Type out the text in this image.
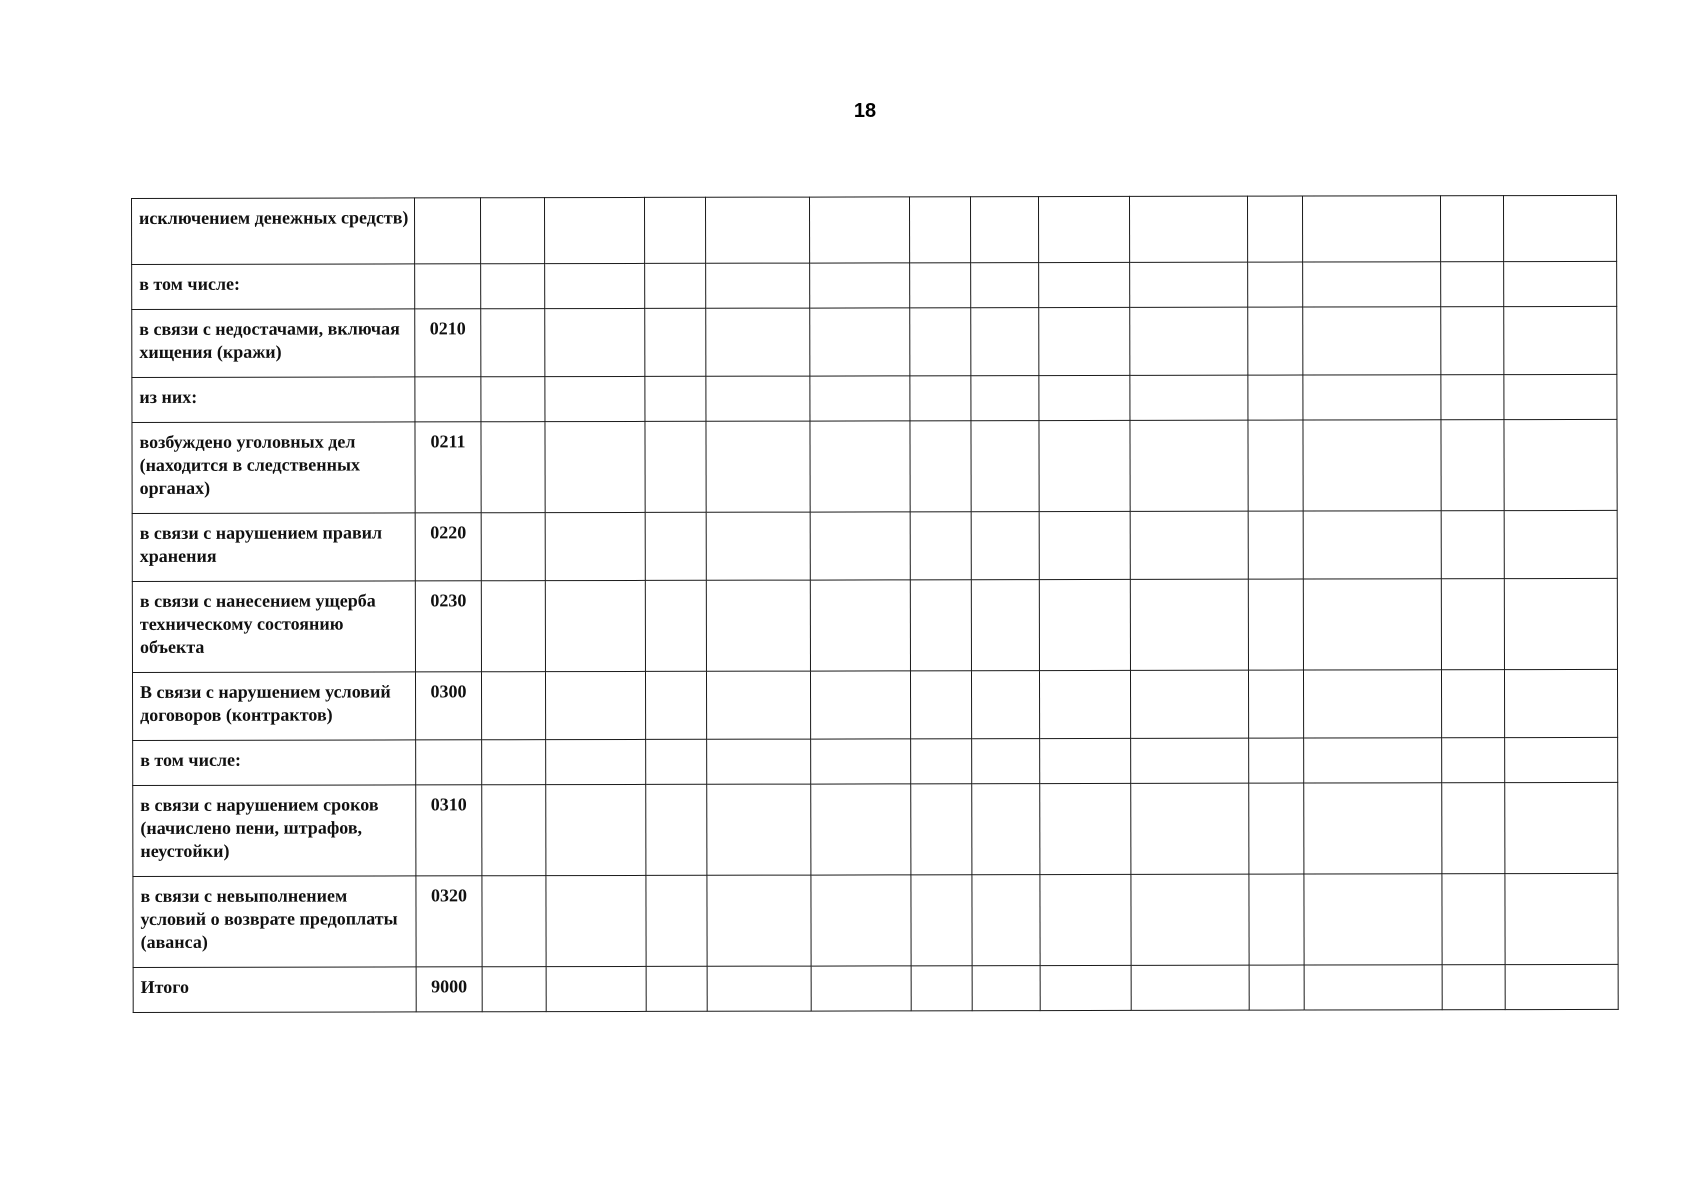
18
исключением денежных средств)														

в том числе:														

в связи с недостачами, включая хищения (кражи)	0210													

из них:														

возбуждено уголовных дел (находится в следственных органах)	0211													

в связи с нарушением правил хранения	0220													

в связи с нанесением ущерба техническому состоянию объекта	0230													

В связи с нарушением условий договоров (контрактов)	0300													

в том числе:														

в связи с нарушением сроков (начислено пени, штрафов, неустойки)	0310													

в связи с невыполнением условий о возврате предоплаты (аванса)	0320													

Итого	9000													
